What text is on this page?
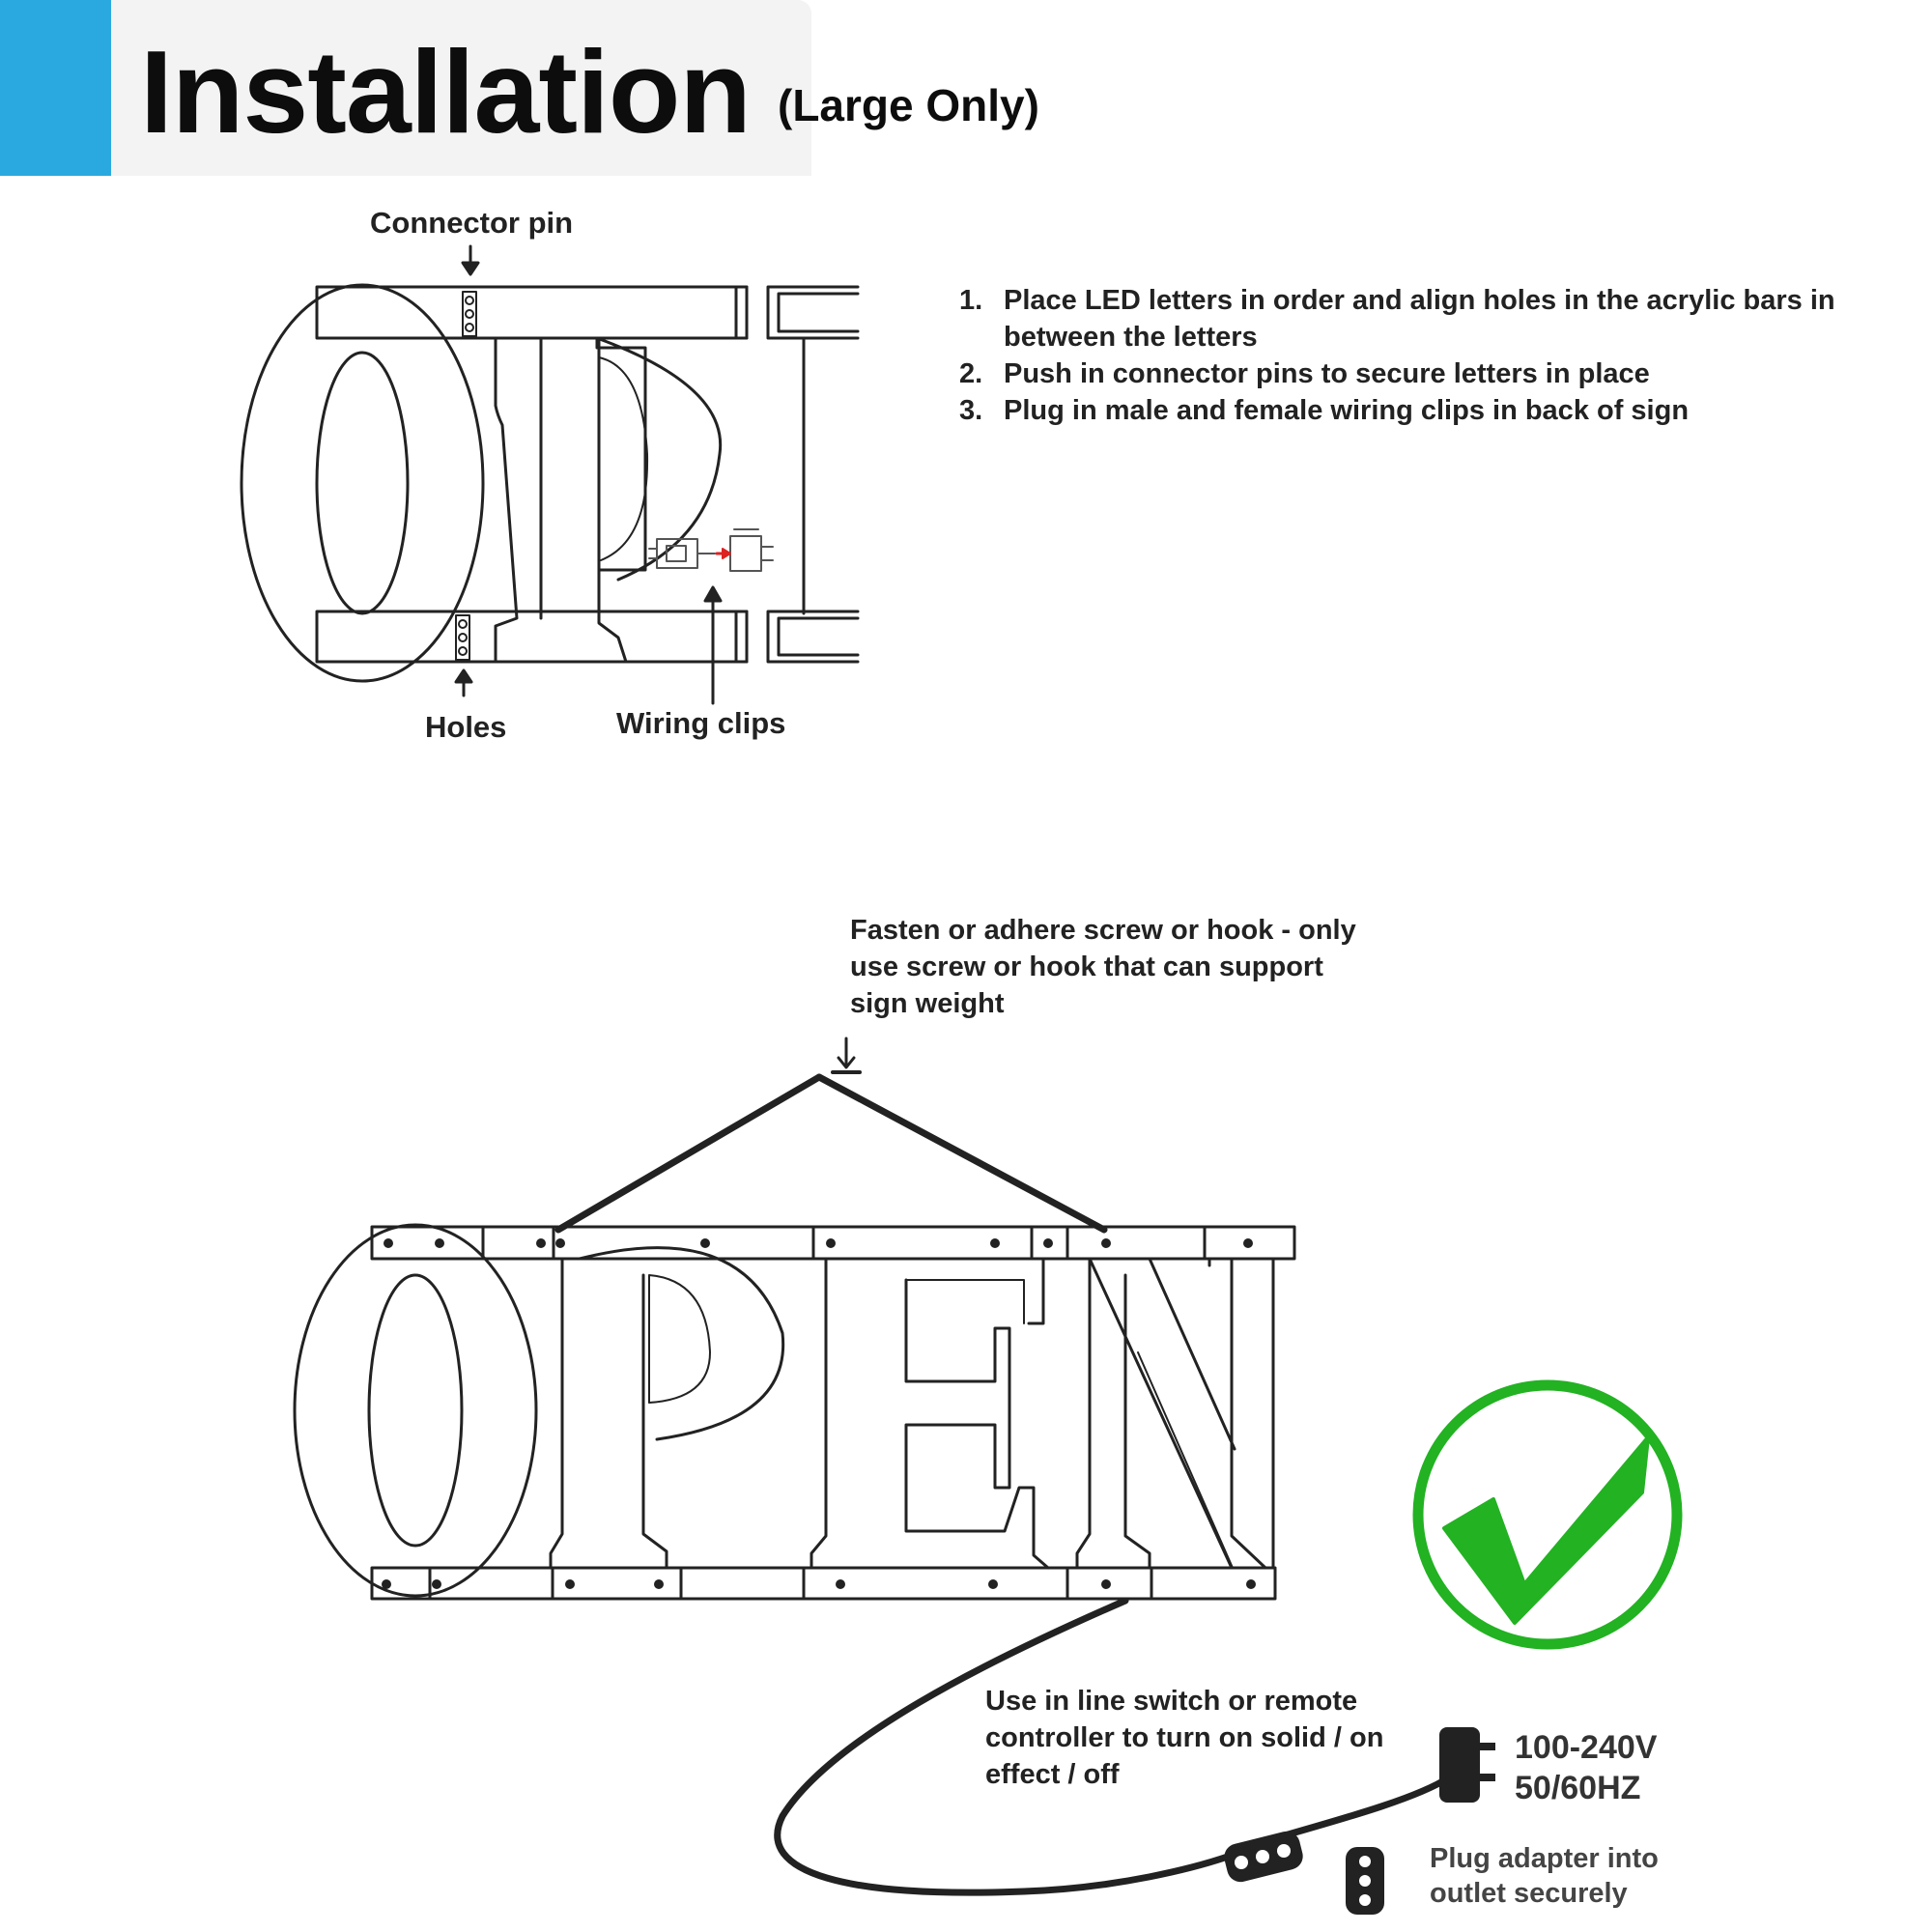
Installation (Large Only)
Connector pin
Holes	Wiring clips
1. Place LED letters in order and align holes in the acrylic bars in between the letters
2. Push in connector pins to secure letters in place
3. Plug in male and female wiring clips in back of sign
Fasten or adhere screw or hook - only use screw or hook that can support sign weight
Use in line switch or remote controller to turn on solid / on effect / off
100-240V
50/60HZ
Plug adapter into outlet securely
